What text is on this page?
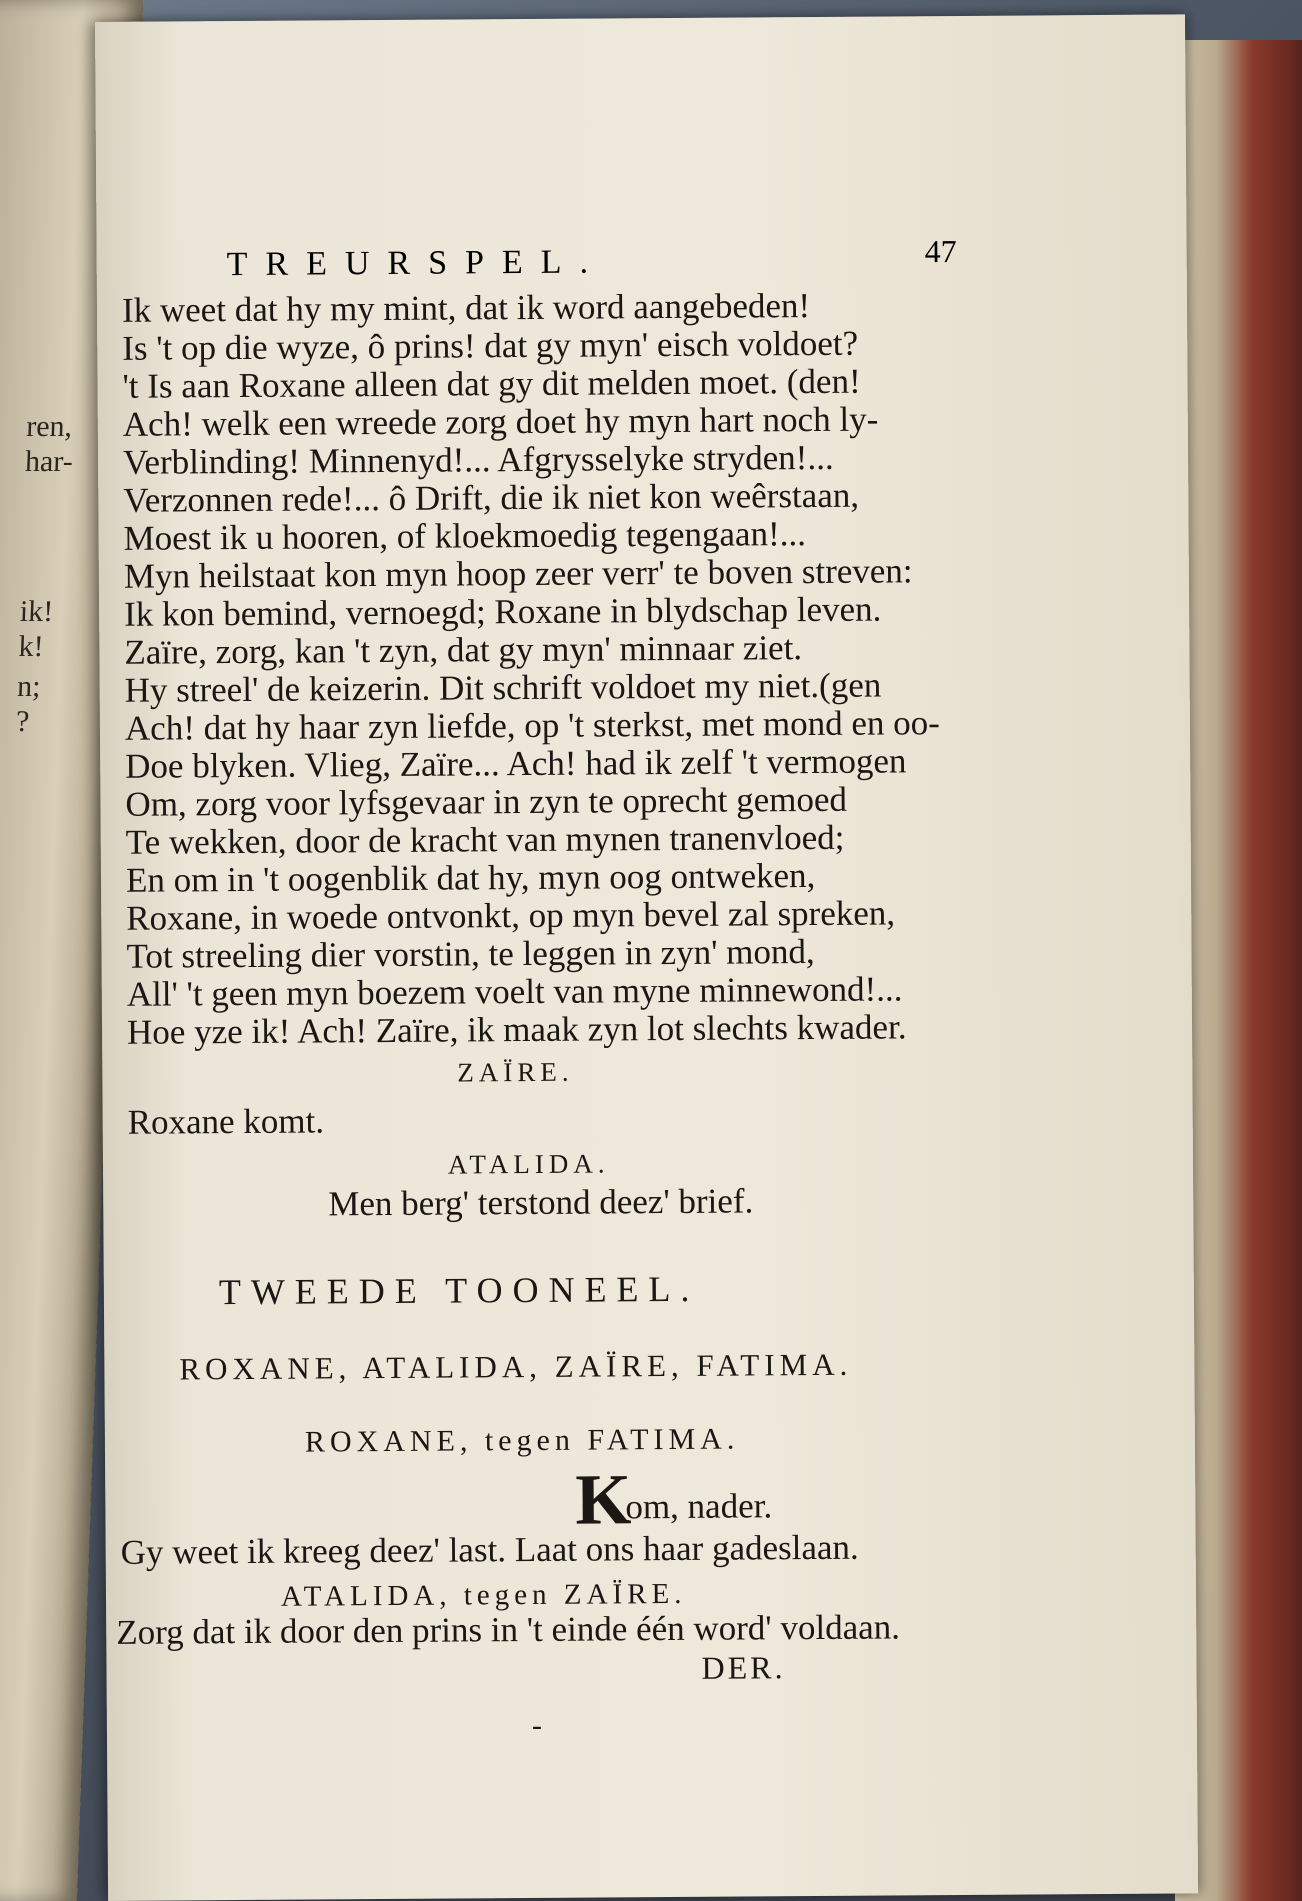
ren,
har-
ik!
k!
n;
?
TREURSPEL.	47
Ik weet dat hy my mint, dat ik word aangebeden!
Is 't op die wyze, ô prins! dat gy myn' eisch voldoet?
't Is aan Roxane alleen dat gy dit melden moet. (den!
Ach! welk een wreede zorg doet hy myn hart noch ly-
Verblinding! Minnenyd!... Afgrysselyke stryden!...
Verzonnen rede!... ô Drift, die ik niet kon weêrstaan,
Moest ik u hooren, of kloekmoedig tegengaan!...
Myn heilstaat kon myn hoop zeer verr' te boven streven:
Ik kon bemind, vernoegd; Roxane in blydschap leven.
Zaïre, zorg, kan 't zyn, dat gy myn' minnaar ziet.
Hy streel' de keizerin. Dit schrift voldoet my niet.(gen
Ach! dat hy haar zyn liefde, op 't sterkst, met mond en oo-
Doe blyken. Vlieg, Zaïre... Ach! had ik zelf 't vermogen
Om, zorg voor lyfsgevaar in zyn te oprecht gemoed
Te wekken, door de kracht van mynen tranenvloed;
En om in 't oogenblik dat hy, myn oog ontweken,
Roxane, in woede ontvonkt, op myn bevel zal spreken,
Tot streeling dier vorstin, te leggen in zyn' mond,
All' 't geen myn boezem voelt van myne minnewond!...
Hoe yze ik! Ach! Zaïre, ik maak zyn lot slechts kwader.
ZAÏRE.
Roxane komt.
ATALIDA.
Men berg' terstond deez' brief.
TWEEDE TOONEEL.
ROXANE, ATALIDA, ZAÏRE, FATIMA.
ROXANE, tegen FATIMA.
K
om, nader.
Gy weet ik kreeg deez' last. Laat ons haar gadeslaan.
ATALIDA, tegen ZAÏRE.
Zorg dat ik door den prins in 't einde één word' voldaan.
DER.
-
